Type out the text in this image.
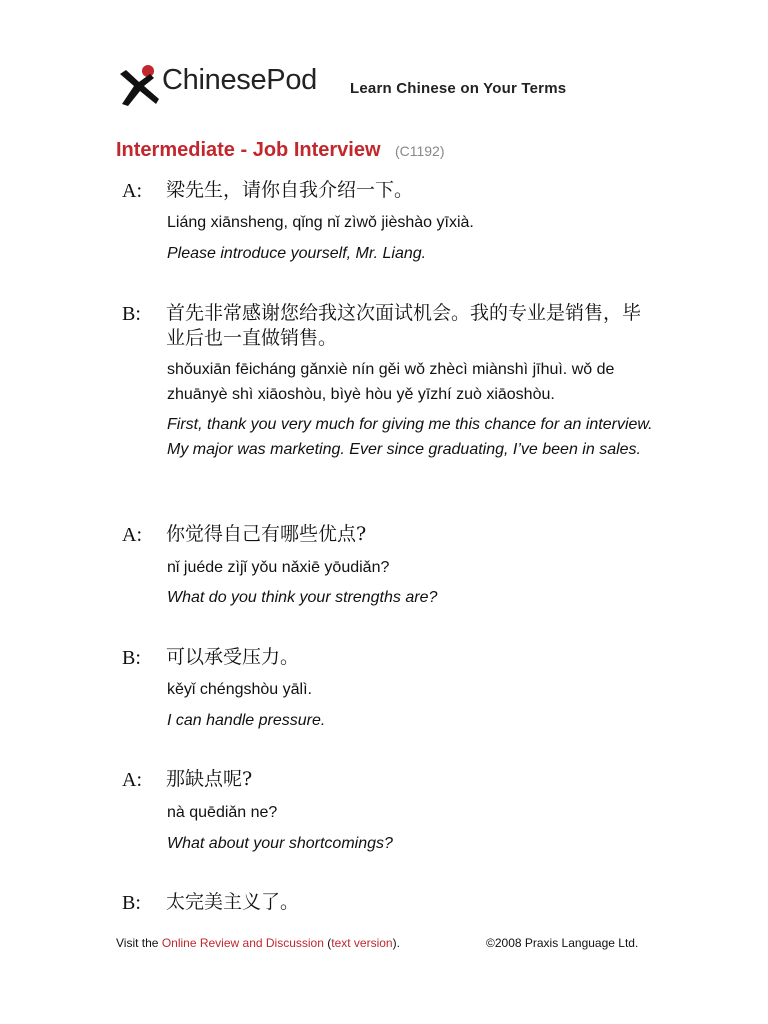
ChinesePod Learn Chinese on Your Terms
Intermediate - Job Interview (C1192)
A: 梁先生，请你自我介绍一下。
Liáng xiānsheng, qǐng nǐ zìwǒ jièshào yīxià.
Please introduce yourself, Mr. Liang.
B: 首先非常感谢您给我这次面试机会。我的专业是销售，毕业后也一直做销售。
shǒuxiān fēicháng gǎnxiè nín gěi wǒ zhècì miànshì jīhuì. wǒ de zhuānyè shì xiāoshòu, bìyè hòu yě yīzhí zuò xiāoshòu.
First, thank you very much for giving me this chance for an interview. My major was marketing. Ever since graduating, I’ve been in sales.
A: 你觉得自己有哪些优点?
nǐ juéde zìjǐ yǒu nǎxiē yōudiǎn?
What do you think your strengths are?
B: 可以承受压力。
kěyǐ chéngshòu yālì.
I can handle pressure.
A: 那缺点呢?
nà quēdiǎn ne?
What about your shortcomings?
B: 太完美主义了。
Visit the Online Review and Discussion (text version).	©2008 Praxis Language Ltd.
